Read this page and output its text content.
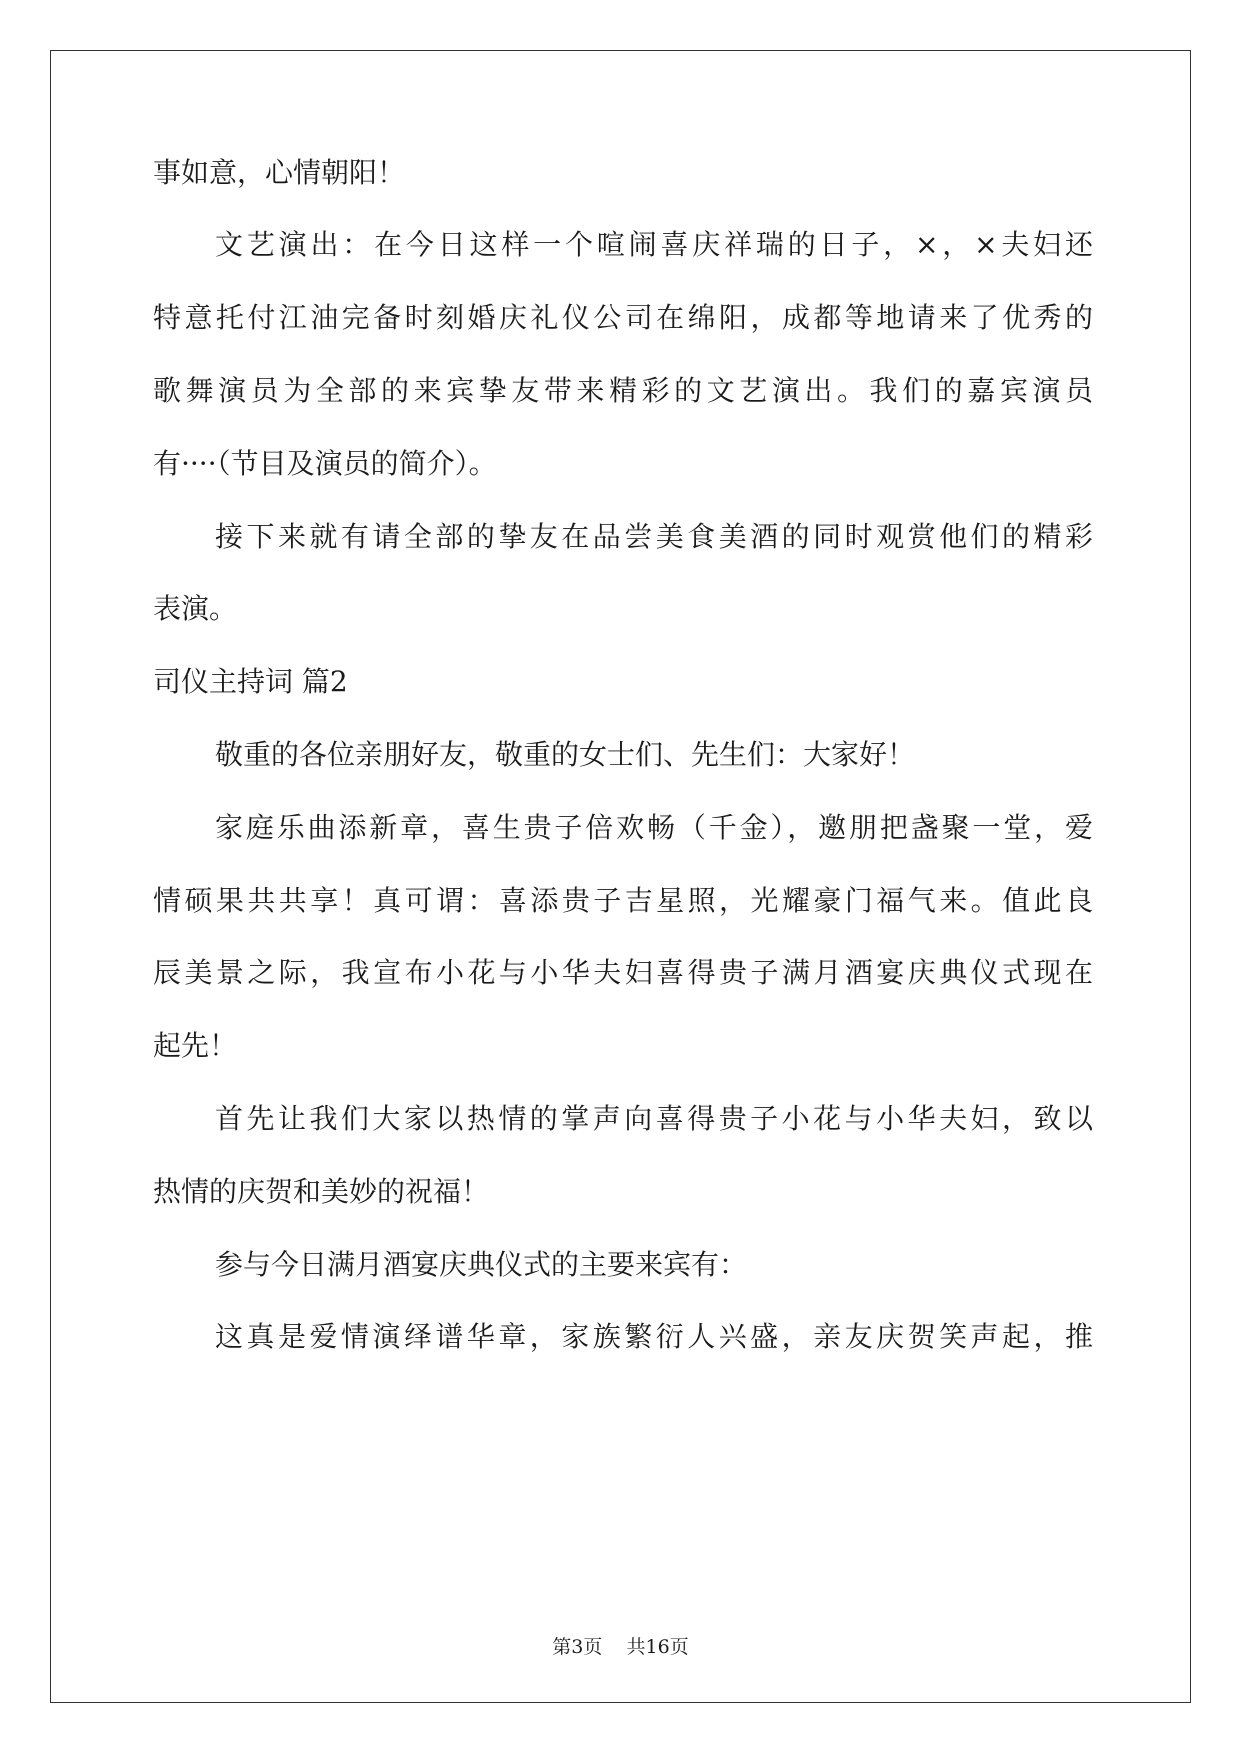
事如意，心情朝阳！
文艺演出：在今日这样一个喧闹喜庆祥瑞的日子，×，×夫妇还
特意托付江油完备时刻婚庆礼仪公司在绵阳，成都等地请来了优秀的
歌舞演员为全部的来宾挚友带来精彩的文艺演出。我们的嘉宾演员
有····（节目及演员的简介）。
接下来就有请全部的挚友在品尝美食美酒的同时观赏他们的精彩
表演。
司仪主持词 篇2
敬重的各位亲朋好友，敬重的女士们、先生们：大家好！
家庭乐曲添新章，喜生贵子倍欢畅（千金），邀朋把盏聚一堂，爱
情硕果共共享！真可谓：喜添贵子吉星照，光耀豪门福气来。值此良
辰美景之际，我宣布小花与小华夫妇喜得贵子满月酒宴庆典仪式现在
起先！
首先让我们大家以热情的掌声向喜得贵子小花与小华夫妇，致以
热情的庆贺和美妙的祝福！
参与今日满月酒宴庆典仪式的主要来宾有：
这真是爱情演绎谱华章，家族繁衍人兴盛，亲友庆贺笑声起，推
第3页 共16页
